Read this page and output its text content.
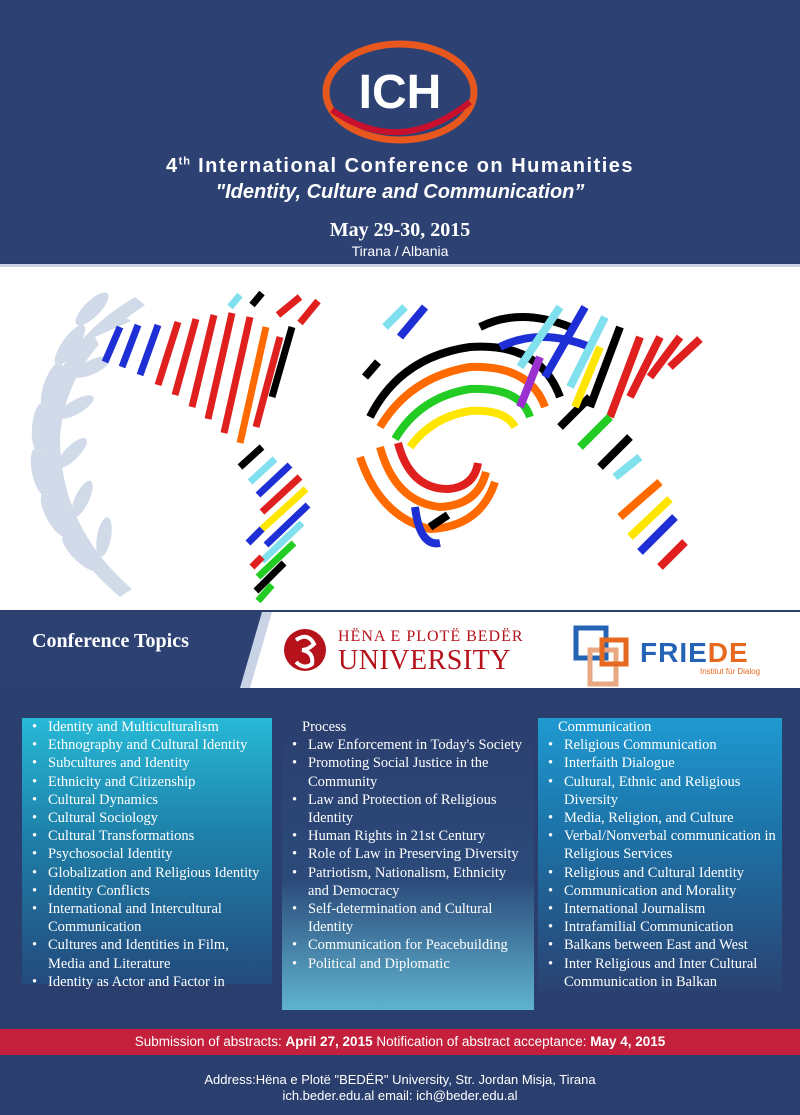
ICH
4th International Conference on Humanities
"Identity, Culture and Communication”
May 29-30, 2015
Tirana / Albania
Conference Topics	HËNA E PLOTË BEDËR
UNIVERSITY	FRIEDE
Institut für Dialog
• Identity and Multiculturalism
• Ethnography and Cultural Identity
• Subcultures and Identity
• Ethnicity and Citizenship
• Cultural Dynamics
• Cultural Sociology
• Cultural Transformations
• Psychosocial Identity
• Globalization and Religious Identity
• Identity Conflicts
• International and Intercultural Communication
• Cultures and Identities in Film, Media and Literature
• Identity as Actor and Factor in
Process
• Law Enforcement in Today's Society
• Promoting Social Justice in the Community
• Law and Protection of Religious Identity
• Human Rights in 21st Century
• Role of Law in Preserving Diversity
• Patriotism, Nationalism, Ethnicity and Democracy
• Self-determination and Cultural Identity
• Communication for Peacebuilding
• Political and Diplomatic
Communication
• Religious Communication
• Interfaith Dialogue
• Cultural, Ethnic and Religious Diversity
• Media, Religion, and Culture
• Verbal/Nonverbal communication in Religious Services
• Religious and Cultural Identity
• Communication and Morality
• International Journalism
• Intrafamilial Communication
• Balkans between East and West
• Inter Religious and Inter Cultural Communication in Balkan
Submission of abstracts: April 27, 2015 Notification of abstract acceptance: May 4, 2015
Address:Hëna e Plotë "BEDËR" University, Str. Jordan Misja, Tirana
ich.beder.edu.al email: ich@beder.edu.al
